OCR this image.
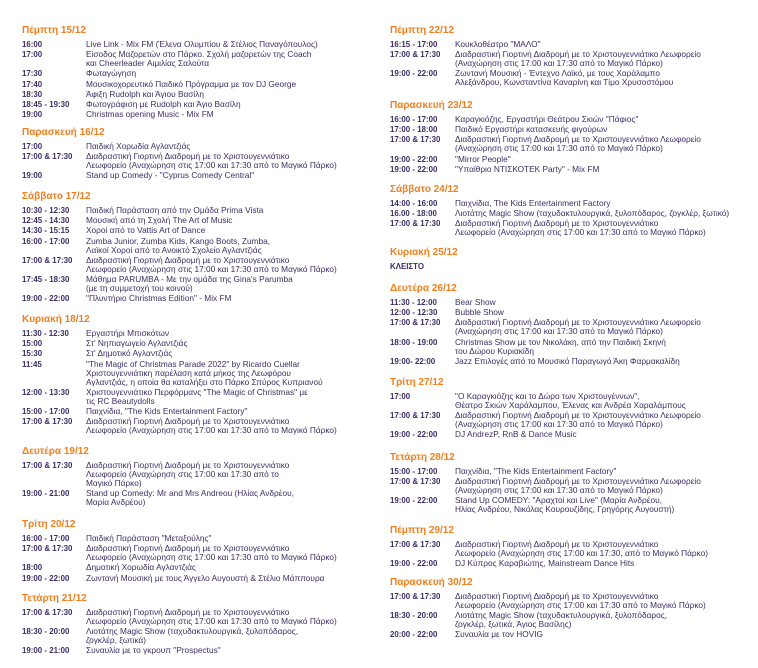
Πέμπτη 15/12
16:00	Live Link - Mix FM (Έλενα Ολυμπίου & Στέλιος Παναγόπουλος)
17:00	Είσοδος Μαζορετών στο Πάρκο. Σχολή μαζορετών της Coach
και Cheerleader Αιμιλίας Σαλούτα
17:30	Φωταγώγηση
17:40	Μουσικοχορευτικό Παιδικό Πρόγραμμα με τον DJ George
18:30	Άφιξη Rudolph και Άγιου Βασίλη
18:45 - 19:30	Φωτογράφιση με Rudolph και Άγιο Βασίλη
19:00	Christmas opening Music - Mix FM
Παρασκευή 16/12
17:00	Παιδική Χορωδία Αγλαντζιάς
17:00 & 17:30	Διαδραστική Γιορτινή Διαδρομή με το Χριστουγεννιάτικο
Λεωφορείο (Αναχώρηση στις 17:00 και 17:30 από το Μαγικό Πάρκο)
19:00	Stand up Comedy - "Cyprus Comedy Central"
Σάββατο 17/12
10:30 - 12:30	Παιδική Παράσταση από την Ομάδα Prima Vista
12:45 - 14:30	Μουσική από τη Σχολή The Art of Music
14:30 - 15:15	Χοροί από το Vattis Art of Dance
16:00 - 17:00	Zumba Junior, Zumba Kids, Kango Boots, Zumba,
Λαϊκοί Χοροί από το Ανοικτό Σχολείο Αγλαντζιάς
17:00 & 17:30	Διαδραστική Γιορτινή Διαδρομή με το Χριστουγεννιάτικο
Λεωφορείο (Αναχώρηση στις 17:00 και 17:30 από το Μαγικό Πάρκο)
17:45 - 18:30	Μάθημα PARUMBA - Με την ομάδα της Gina's Parumba
(με τη συμμετοχή του κοινού)
19:00 - 22:00	"Πλυντήριο Christmas Edition" - Mix FM
Κυριακή 18/12
11:30 - 12:30	Εργαστήρι Μπισκότων
15:00	Στ' Νηπιαγωγείο Αγλαντζιάς
15:30	Στ' Δημοτικό Αγλαντζιάς
11:45	"The Magic of Christmas Parade 2022" by Ricardo Cuellar
Χριστουγεννιάτικη παρέλαση κατά μήκος της Λεωφόρου
Αγλαντζιάς, η οποία θα καταλήξει στο Πάρκο Σπύρος Κυπριανού
12:00 - 13:30	Χριστουγεννιάτικο Περφόρμανς "The Magic of Christmas" με
τις RC Beautydolls
15:00 - 17:00	Παιχνίδια, "The Kids Entertainment Factory"
17:00 & 17:30	Διαδραστική Γιορτινή Διαδρομή με το Χριστουγεννιάτικο
Λεωφορείο (Αναχώρηση στις 17:00 και 17:30 από το Μαγικό Πάρκο)
Δευτέρα 19/12
17:00 & 17:30	Διαδραστική Γιορτινή Διαδρομή με το Χριστουγεννιάτικο
Λεωφορείο (Αναχώρηση στις 17:00 και 17:30 από το
Μαγικό Πάρκο)
19:00 - 21:00	Stand up Comedy: Mr and Mrs Andreou (Ηλίας Ανδρέου,
Μαρία Ανδρέου)
Τρίτη 20/12
16:00 - 17:00	Παιδική Παράσταση "Μεταξούλης"
17:00 & 17:30	Διαδραστική Γιορτινή Διαδρομή με το Χριστουγεννιάτικο
Λεωφορείο (Αναχώρηση στις 17:00 και 17:30 από το Μαγικό Πάρκο)
18:00	Δημοτική Χορωδία Αγλαντζιάς
19:00 - 22:00	Ζωντανή Μουσική με τους Άγγελο Αυγουστή & Στέλιο Μάππουρα
Τετάρτη 21/12
17:00 & 17:30	Διαδραστική Γιορτινή Διαδρομή με το Χριστουγεννιάτικο
Λεωφορείο (Αναχώρηση στις 17:00 και 17:30 από το Μαγικό Πάρκο)
18:30 - 20:00	Λιοτάτης Magic Show (ταχυδακτυλουργικά, ξυλοπόδαρος,
ζογκλέρ, ξωτικά)
19:00 - 21:00	Συναυλία με το γκρουπ "Prospectus"
Πέμπτη 22/12
16:15 - 17:00	Κουκλοθέατρο "ΜΑΛΟ"
17:00 & 17:30	Διαδραστική Γιορτινή Διαδρομή με το Χριστουγεννιάτικο Λεωφορείο
(Αναχώρηση στις 17:00 και 17:30 από το Μαγικό Πάρκο)
19:00 - 22:00	Ζωντανή Μουσική - Έντεχνο Λαϊκό, με τους Χαράλαμπο
Αλεξάνδρου, Κωνσταντίνα Καναρίνη και Τίμο Χρυσοστόμου
Παρασκευή 23/12
16:00 - 17:00	Καραγκιόζης, Εργαστήρι Θεάτρου Σκιών "Πάφιος"
17:00 - 18:00	Παιδικό Εργαστήρι κατασκευής φιγούρων
17:00 & 17:30	Διαδραστική Γιορτινή Διαδρομή με το Χριστουγεννιάτικο Λεωφορείο
(Αναχώρηση στις 17:00 και 17:30 από το Μαγικό Πάρκο)
19:00 - 22:00	"Mirror People"
19:00 - 22:00	"Υπαίθριο ΝΤΙΣΚΟΤΕΚ Party" - Mix FM
Σάββατο 24/12
14:00 - 16:00	Παιχνίδια, The Kids Entertainment Factory
16.00 - 18:00	Λιοτάτης Magic Show (ταχυδακτυλουργικά, ξυλοπόδαρος, ζογκλέρ, ξωτικό)
17:00 & 17:30	Διαδραστική Γιορτινή Διαδρομή με το Χριστουγεννιάτικο
Λεωφορείο (Αναχώρηση στις 17:00 και 17:30 από το Μαγικό Πάρκο)
Κυριακή 25/12

ΚΛΕΙΣΤΟ

Δευτέρα 26/12
11:30 - 12:00	Bear Show
12:00 - 12:30	Bubble Show
17:00 & 17:30	Διαδραστική Γιορτινή Διαδρομή με το Χριστουγεννιάτικο Λεωφορείο
(Αναχώρηση στις 17:00 και 17:30 από το Μαγικό Πάρκο)
18:00 - 19:00	Christmas Show με τον Νικολάκη, από την Παιδική Σκηνή
του Δώρου Κυριακίδη
19:00- 22:00	Jazz Επιλογές από το Μουσικό Παραγωγό Άκη Φαρμακαλίδη
Τρίτη 27/12
17:00	"Ο Καραγκιόζης και το Δώρο των Χριστουγέννων",
Θέατρο Σκιών Χαράλαμπου, Έλενας και Ανδρέα Χαραλάμπους
17:00 & 17:30	Διαδραστική Γιορτινή Διαδρομή με το Χριστουγεννιάτικο Λεωφορείο
(Αναχώρηση στις 17:00 και 17:30 από το Μαγικό Πάρκο)
19:00 - 22:00	DJ AndrezP, RnB & Dance Music
Τετάρτη 28/12
15:00 - 17:00	Παιχνίδια, "The Kids Entertainment Factory"
17:00 & 17:30	Διαδραστική Γιορτινή Διαδρομή με το Χριστουγεννιάτικο Λεωφορείο
(Αναχώρηση στις 17:00 και 17:30 από το Μαγικό Πάρκο)
19:00 - 22:00	Stand Up COMEDY: "Αραχτοί και Live" (Μαρία Ανδρέου,
Ηλίας Ανδρέου, Νικόλας Κουρουζίδης, Γρηγόρης Αυγουστή)
Πέμπτη 29/12
17:00 & 17:30	Διαδραστική Γιορτινή Διαδρομή με το Χριστουγεννιάτικο
Λεωφορείο (Αναχώρηση στις 17:00 και 17:30, από το Μαγικό Πάρκο)
19:00 - 22:00	DJ Κύπρος Καραβιώτης, Mainstream Dance Hits
Παρασκευή 30/12
17:00 & 17:30	Διαδραστική Γιορτινή Διαδρομή με το Χριστουγεννιάτικο
Λεωφορείο (Αναχώρηση στις 17:00 και 17:30 από το Μαγικό Πάρκο)
18:30 - 20:00	Λιοτάτης Magic Show (ταχυδακτυλουργικά, ξυλοπόδαρος,
ζογκλέρ, ξωτικά, Άγιος Βασίλης)
20:00 - 22:00	Συναυλία με τον HOVIG
